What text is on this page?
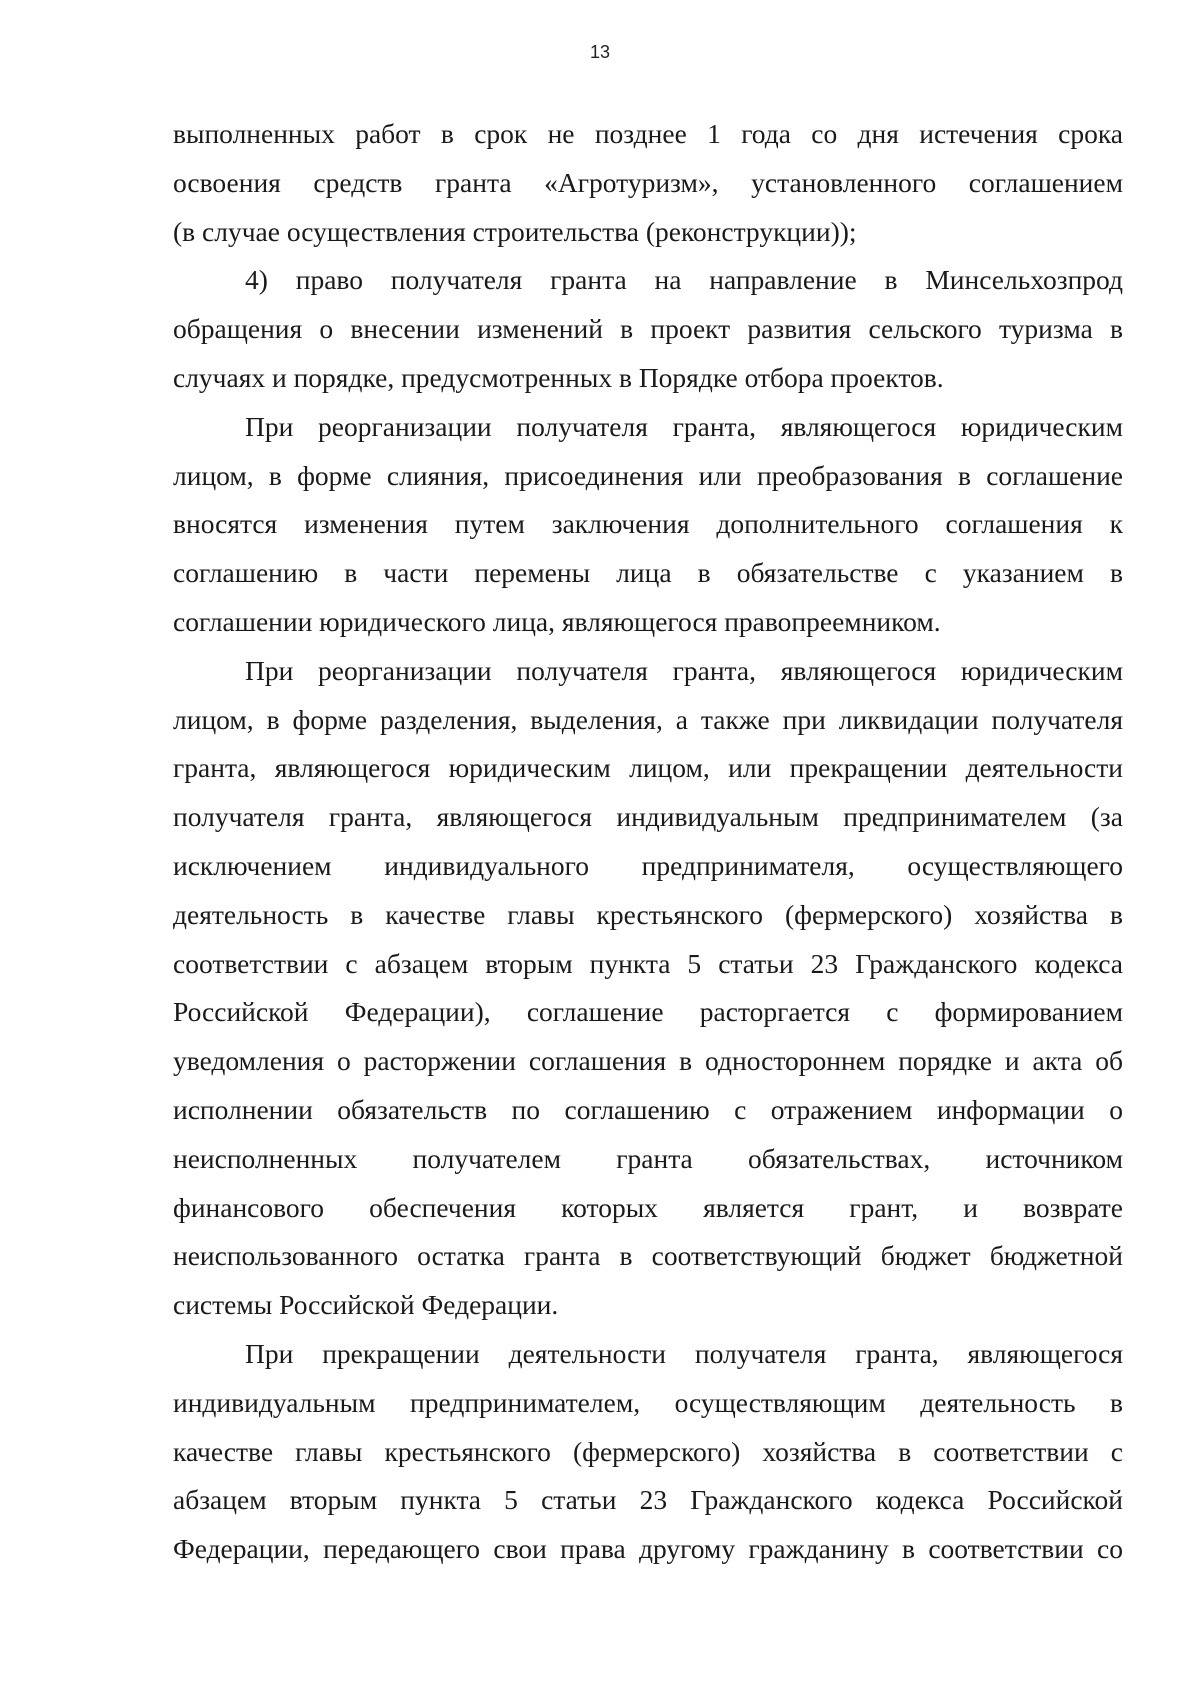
13
выполненных работ в срок не позднее 1 года со дня истечения срока
освоения средств гранта «Агротуризм», установленного соглашением
(в случае осуществления строительства (реконструкции));
4) право получателя гранта на направление в Минсельхозпрод
обращения о внесении изменений в проект развития сельского туризма в
случаях и порядке, предусмотренных в Порядке отбора проектов.
При реорганизации получателя гранта, являющегося юридическим
лицом, в форме слияния, присоединения или преобразования в соглашение
вносятся изменения путем заключения дополнительного соглашения к
соглашению в части перемены лица в обязательстве с указанием в
соглашении юридического лица, являющегося правопреемником.
При реорганизации получателя гранта, являющегося юридическим
лицом, в форме разделения, выделения, а также при ликвидации получателя
гранта, являющегося юридическим лицом, или прекращении деятельности
получателя гранта, являющегося индивидуальным предпринимателем (за
исключением индивидуального предпринимателя, осуществляющего
деятельность в качестве главы крестьянского (фермерского) хозяйства в
соответствии с абзацем вторым пункта 5 статьи 23 Гражданского кодекса
Российской Федерации), соглашение расторгается с формированием
уведомления о расторжении соглашения в одностороннем порядке и акта об
исполнении обязательств по соглашению с отражением информации о
неисполненных получателем гранта обязательствах, источником
финансового обеспечения которых является грант, и возврате
неиспользованного остатка гранта в соответствующий бюджет бюджетной
системы Российской Федерации.
При прекращении деятельности получателя гранта, являющегося
индивидуальным предпринимателем, осуществляющим деятельность в
качестве главы крестьянского (фермерского) хозяйства в соответствии с
абзацем вторым пункта 5 статьи 23 Гражданского кодекса Российской
Федерации, передающего свои права другому гражданину в соответствии со
